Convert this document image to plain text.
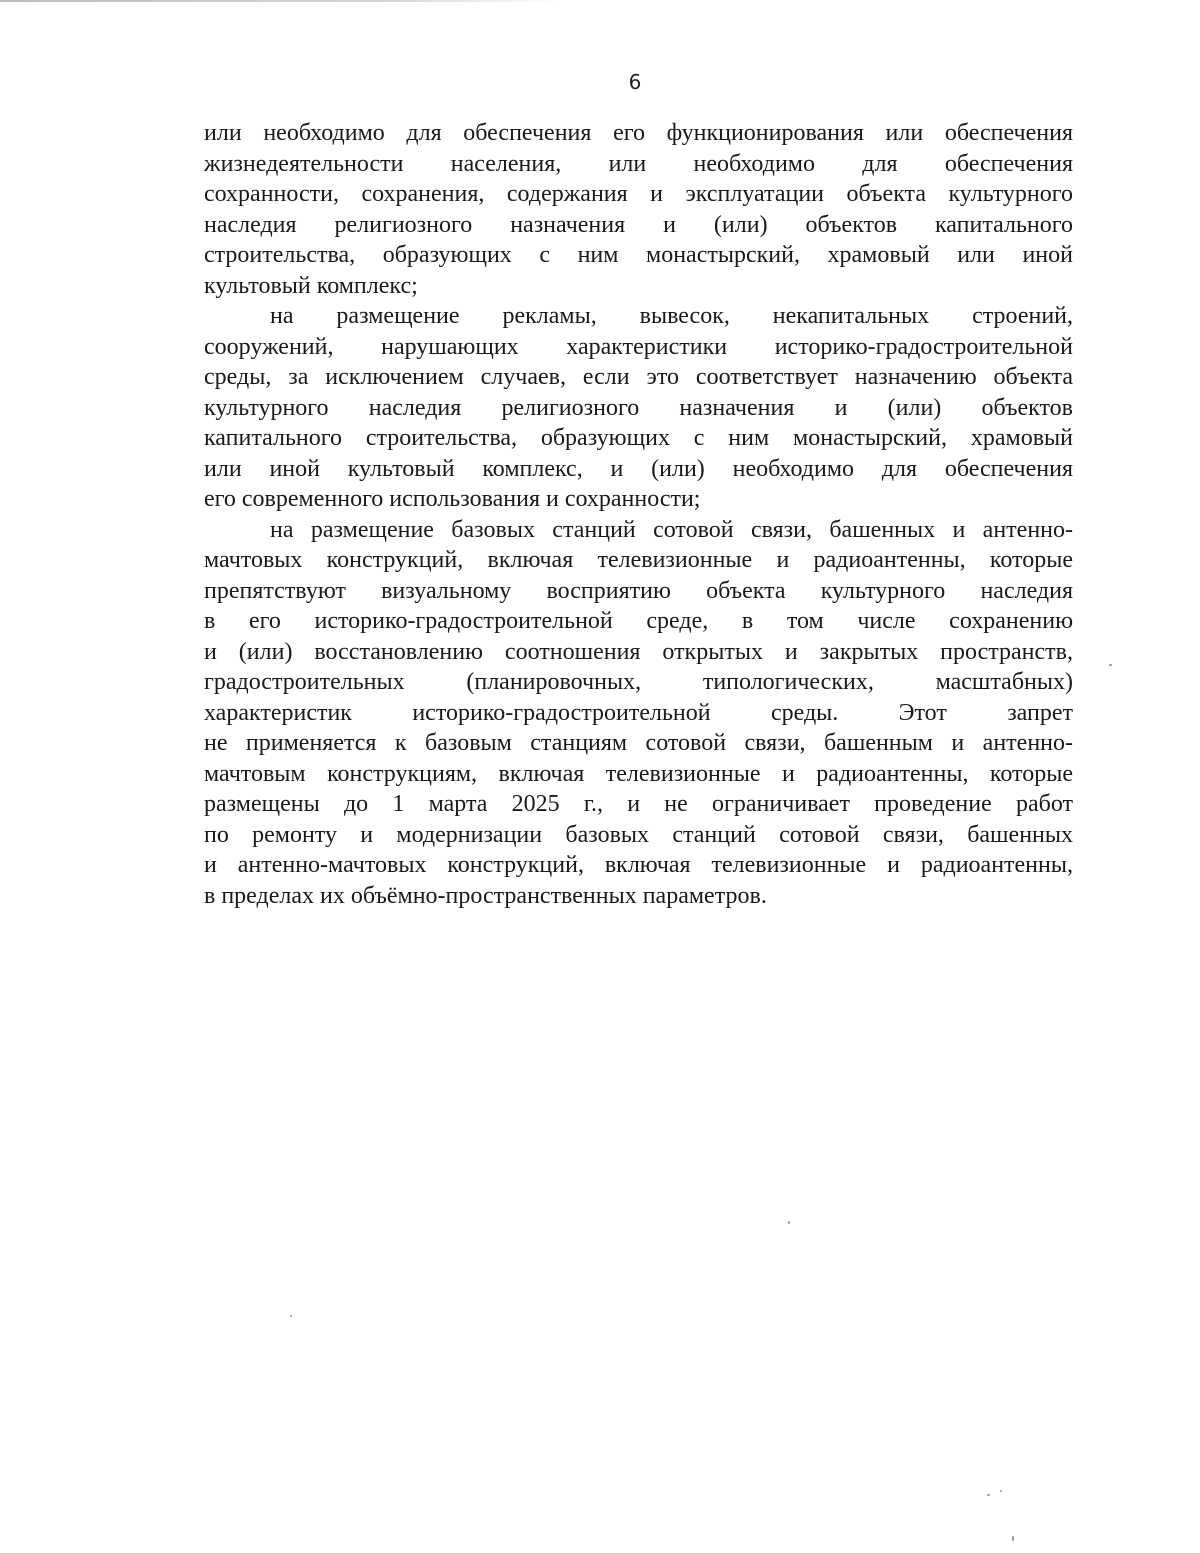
6

или необходимо для обеспечения его функционирования или обеспечения
жизнедеятельности населения, или необходимо для обеспечения
сохранности, сохранения, содержания и эксплуатации объекта культурного
наследия религиозного назначения и (или) объектов капитального
строительства, образующих с ним монастырский, храмовый или иной
культовый комплекс;

на размещение рекламы, вывесок, некапитальных строений,
сооружений, нарушающих характеристики историко-градостроительной
среды, за исключением случаев, если это соответствует назначению объекта
культурного наследия религиозного назначения и (или) объектов
капитального строительства, образующих с ним монастырский, храмовый
или иной культовый комплекс, и (или) необходимо для обеспечения
его современного использования и сохранности;

на размещение базовых станций сотовой связи, башенных и антенно-
мачтовых конструкций, включая телевизионные и радиоантенны, которые
препятствуют визуальному восприятию объекта культурного наследия
в его историко-градостроительной среде, в том числе сохранению
и (или) восстановлению соотношения открытых и закрытых пространств,
градостроительных (планировочных, типологических, масштабных)
характеристик историко-градостроительной среды. Этот запрет
не применяется к базовым станциям сотовой связи, башенным и антенно-
мачтовым конструкциям, включая телевизионные и радиоантенны, которые
размещены до 1 марта 2025 г., и не ограничивает проведение работ
по ремонту и модернизации базовых станций сотовой связи, башенных
и антенно-мачтовых конструкций, включая телевизионные и радиоантенны,
в пределах их объёмно-пространственных параметров.
